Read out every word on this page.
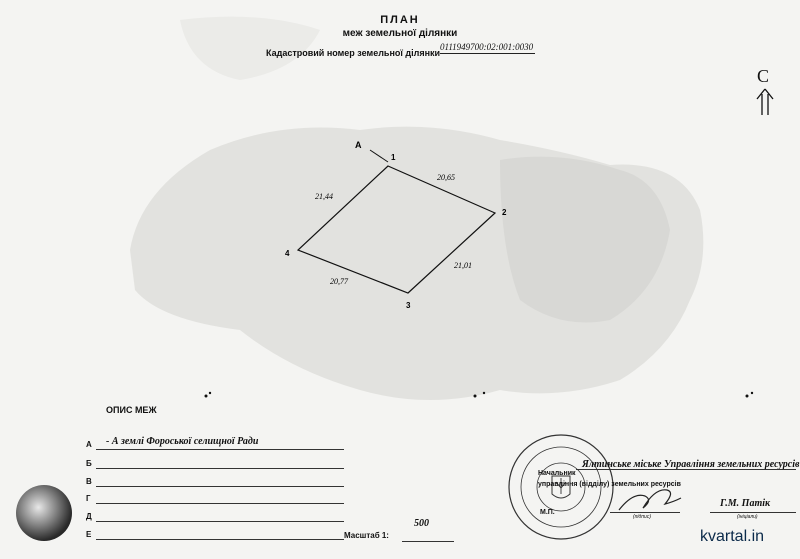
ПЛАН
меж земельної ділянки
Кадастровий номер земельної ділянки
0111949700:02:001:0030
С
А
1
2
3
4
20,65
21,01
20,77
21,44
ОПИС МЕЖ
А - А землі Форoської селищної Ради
Б
В
Г
Д
Е
500
Масштаб 1:
Ялтинське міське Управління земельних ресурсів
Начальник
управління (відділу) земельних ресурсів
М.П.
(підпис)
Г.М. Патік
(ініціали)
kvartal.in
